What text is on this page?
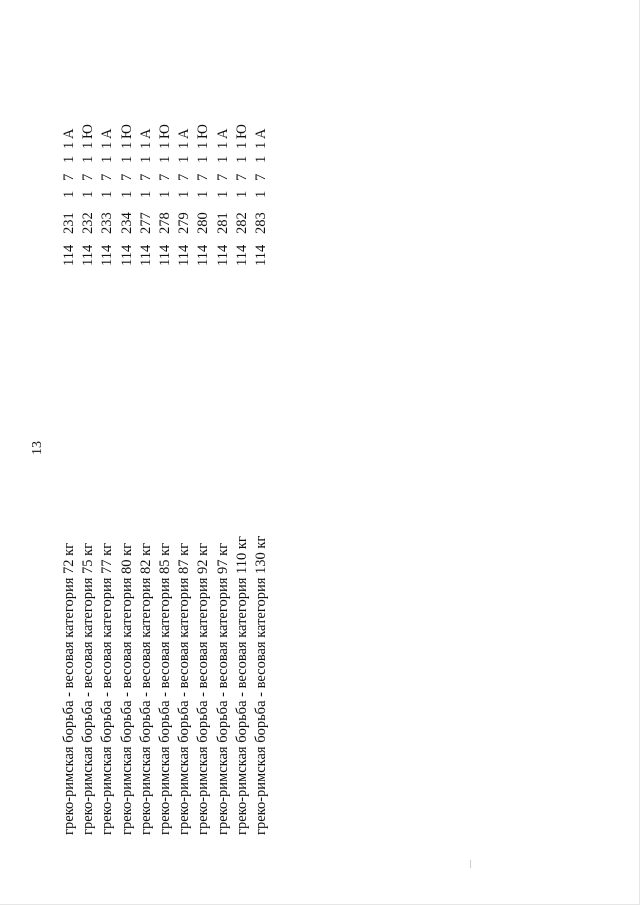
13
греко-римская борьба - весовая категория 72 кг
114
231
1
7
1
1
А
греко-римская борьба - весовая категория 75 кг
114
232
1
7
1
1
Ю
греко-римская борьба - весовая категория 77 кг
114
233
1
7
1
1
А
греко-римская борьба - весовая категория 80 кг
114
234
1
7
1
1
Ю
греко-римская борьба - весовая категория 82 кг
114
277
1
7
1
1
А
греко-римская борьба - весовая категория 85 кг
114
278
1
7
1
1
Ю
греко-римская борьба - весовая категория 87 кг
114
279
1
7
1
1
А
греко-римская борьба - весовая категория 92 кг
114
280
1
7
1
1
Ю
греко-римская борьба - весовая категория 97 кг
114
281
1
7
1
1
А
греко-римская борьба - весовая категория 110 кг
114
282
1
7
1
1
Ю
греко-римская борьба - весовая категория 130 кг
114
283
1
7
1
1
А
